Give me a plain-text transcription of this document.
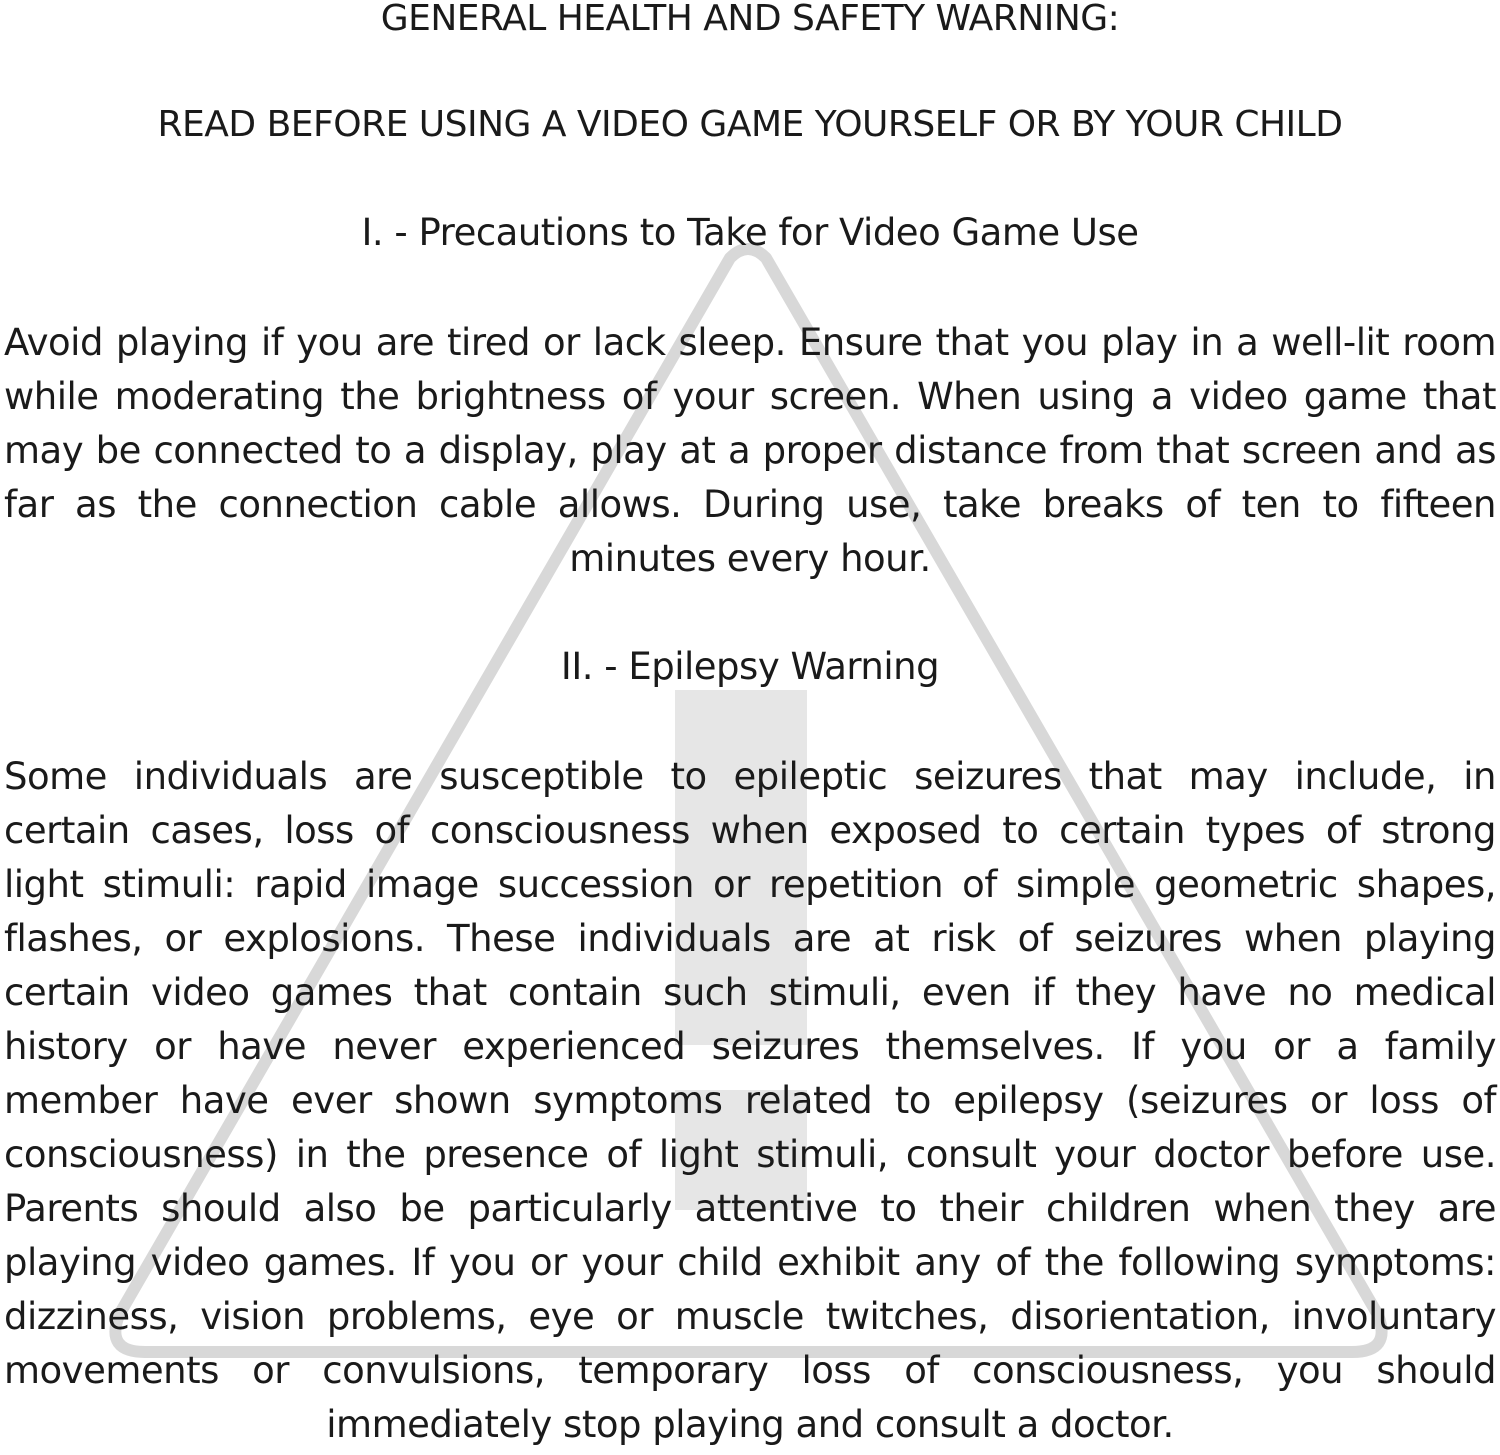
GENERAL HEALTH AND SAFETY WARNING:

READ BEFORE USING A VIDEO GAME YOURSELF OR BY YOUR CHILD

I. - Precautions to Take for Video Game Use

Avoid playing if you are tired or lack sleep. Ensure that you play in a well-lit room

while moderating the brightness of your screen. When using a video game that

may be connected to a display, play at a proper distance from that screen and as

far as the connection cable allows. During use, take breaks of ten to fifteen

minutes every hour.

II. - Epilepsy Warning

Some individuals are susceptible to epileptic seizures that may include, in

certain cases, loss of consciousness when exposed to certain types of strong

light stimuli: rapid image succession or repetition of simple geometric shapes,

flashes, or explosions. These individuals are at risk of seizures when playing

certain video games that contain such stimuli, even if they have no medical

history or have never experienced seizures themselves. If you or a family

member have ever shown symptoms related to epilepsy (seizures or loss of

consciousness) in the presence of light stimuli, consult your doctor before use.

Parents should also be particularly attentive to their children when they are

playing video games. If you or your child exhibit any of the following symptoms:

dizziness, vision problems, eye or muscle twitches, disorientation, involuntary

movements or convulsions, temporary loss of consciousness, you should

immediately stop playing and consult a doctor.
